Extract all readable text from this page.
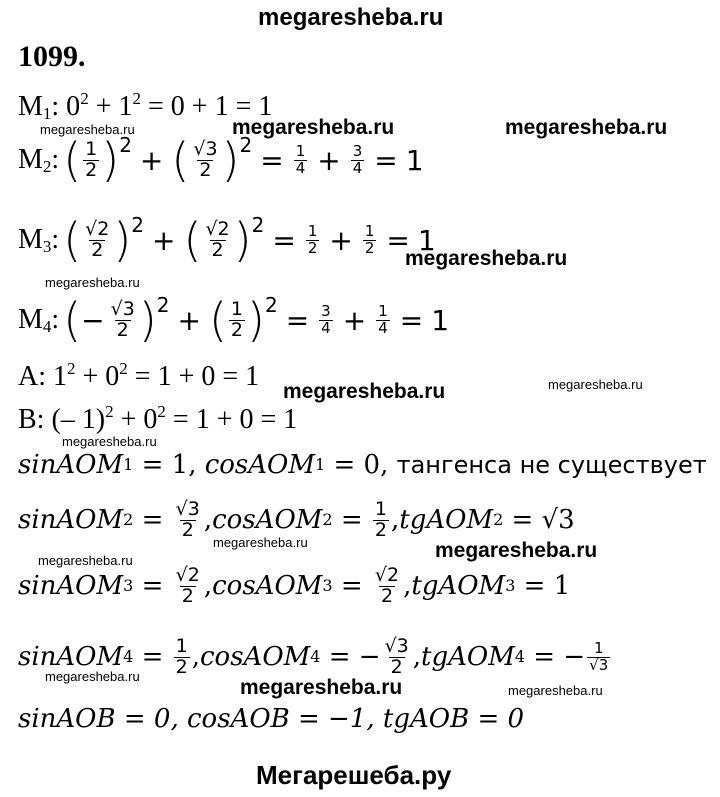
megaresheba.ru
1099.
$M_1$: $0^2 + 1^2 = 0 + 1 = 1$
$M_2$: ( $\frac{1}{2}$ ) 2 + ( $\frac{√3}{2}$ ) $2 = \frac{1}{4} + \frac{3}{4} = 1$
$M_3$: ( $\frac{√2}{2}$ ) 2 + ( $\frac{√2}{2}$ ) $2 = \frac{1}{2} + \frac{1}{2} = 1$
$M_4$: ( − $\frac{√3}{2}$ ) 2 + ( $\frac{1}{2}$ ) $2 = \frac{3}{4} + \frac{1}{4} = 1$
A: $1^2 + 0^2 = 1 + 0 = 1$
B: (– $1)^2 + 0^2 = 1 + 0 = 1$
sinAOM 1 = 1 , cosAOM 1 = 0 , тангенса не существует
sinAOM $2 = \frac{√3}{2}$ , cosAOM $2 = \frac{1}{2}$ , tgAOM 2 = √3
sinAOM $3 = \frac{√2}{2}$ , cosAOM $3 = \frac{√2}{2}$ , tgAOM 3 = 1
sinAOM $4 = \frac{1}{2}$ , cosAOM 4 = − $\frac{√3}{2}$ , tgAOM 4 = − $\frac{1}{√3}$
sinAOB = 0, cosAOB = −1, tgAOB = 0
megaresheba.ru	megaresheba.ru	megaresheba.ru
megaresheba.ru
megaresheba.ru
megaresheba.ru	megaresheba.ru
megaresheba.ru
megaresheba.ru
megaresheba.ru	megaresheba.ru
megaresheba.ru	megaresheba.ru	megaresheba.ru
Мегарешеба.ру
